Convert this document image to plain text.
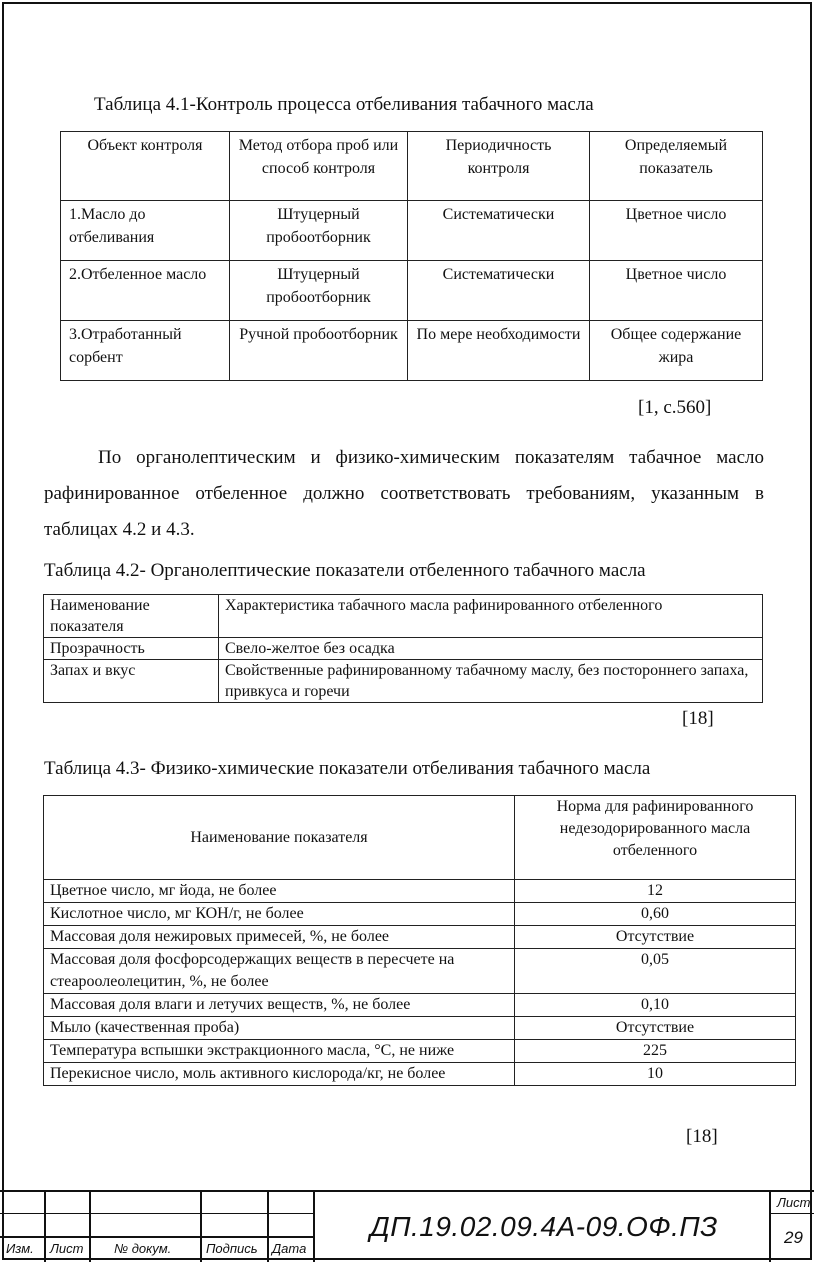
Таблица 4.1-Контроль процесса отбеливания табачного масла
Объект контроля	Метод отбора проб или способ контроля	Периодичность контроля	Определяемый показатель
1.Масло до отбеливания	Штуцерный пробоотборник	Систематически	Цветное число
2.Отбеленное масло	Штуцерный пробоотборник	Систематически	Цветное число
3.Отработанный сорбент	Ручной пробоотборник	По мере необходимости	Общее содержание жира
[1, с.560]
По органолептическим и физико-химическим показателям табачное масло рафинированное отбеленное должно соответствовать требованиям, указанным в таблицах 4.2 и 4.3.
Таблица 4.2- Органолептические показатели отбеленного табачного масла
Наименование показателя	Характеристика табачного масла рафинированного отбеленного
Прозрачность	Свело-желтое без осадка
Запах и вкус	Свойственные рафинированному табачному маслу, без постороннего запаха, привкуса и горечи
[18]
Таблица 4.3- Физико-химические показатели отбеливания табачного масла
Наименование показателя	Норма для рафинированного недезодорированного масла отбеленного
Цветное число, мг йода, не более	12
Кислотное число, мг КОН/г, не более	0,60
Массовая доля нежировых примесей, %, не более	Отсутствие
Массовая доля фосфорсодержащих веществ в пересчете на стеароолеолецитин, %, не более	0,05
Массовая доля влаги и летучих веществ, %, не более	0,10
Мыло (качественная проба)	Отсутствие
Температура вспышки экстракционного масла, °С, не ниже	225
Перекисное число, моль активного кислорода/кг, не более	10
[18]
Изм. Лист № докум.	Подпись Дата
Лист
29
ДП.19.02.09.4А-09.ОФ.ПЗ
